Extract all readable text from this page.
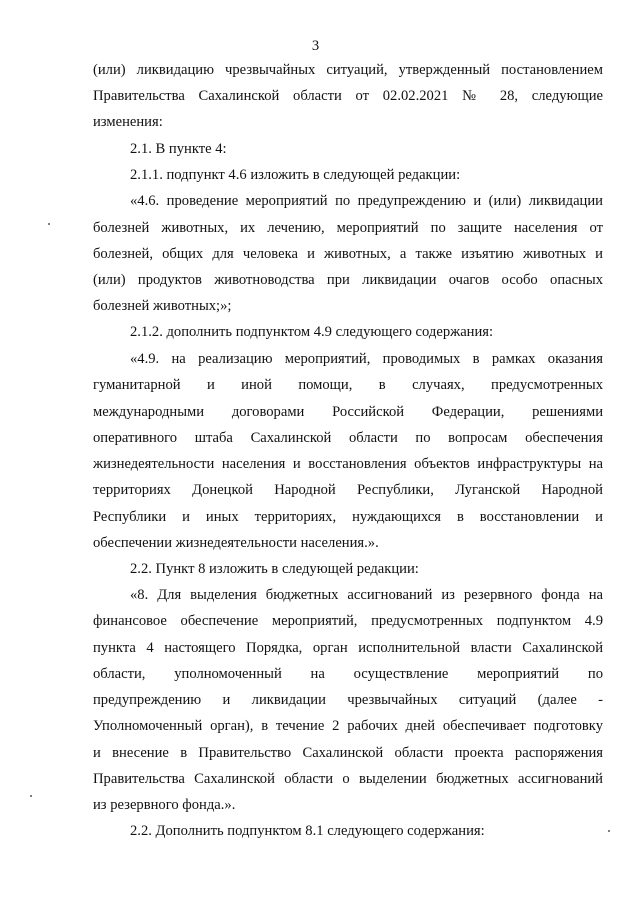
3
(или) ликвидацию чрезвычайных ситуаций, утвержденный постановлением
Правительства Сахалинской области от 02.02.2021 № 28, следующие
изменения:
2.1. В пункте 4:
2.1.1. подпункт 4.6 изложить в следующей редакции:
«4.6. проведение мероприятий по предупреждению и (или) ликвидации
болезней животных, их лечению, мероприятий по защите населения от
болезней, общих для человека и животных, а также изъятию животных и
(или) продуктов животноводства при ликвидации очагов особо опасных
болезней животных;»;
2.1.2. дополнить подпунктом 4.9 следующего содержания:
«4.9. на реализацию мероприятий, проводимых в рамках оказания
гуманитарной и иной помощи, в случаях, предусмотренных
международными договорами Российской Федерации, решениями
оперативного штаба Сахалинской области по вопросам обеспечения
жизнедеятельности населения и восстановления объектов инфраструктуры на
территориях Донецкой Народной Республики, Луганской Народной
Республики и иных территориях, нуждающихся в восстановлении и
обеспечении жизнедеятельности населения.».
2.2. Пункт 8 изложить в следующей редакции:
«8. Для выделения бюджетных ассигнований из резервного фонда на
финансовое обеспечение мероприятий, предусмотренных подпунктом 4.9
пункта 4 настоящего Порядка, орган исполнительной власти Сахалинской
области, уполномоченный на осуществление мероприятий по
предупреждению и ликвидации чрезвычайных ситуаций (далее -
Уполномоченный орган), в течение 2 рабочих дней обеспечивает подготовку
и внесение в Правительство Сахалинской области проекта распоряжения
Правительства Сахалинской области о выделении бюджетных ассигнований
из резервного фонда.».
2.2. Дополнить подпунктом 8.1 следующего содержания:
